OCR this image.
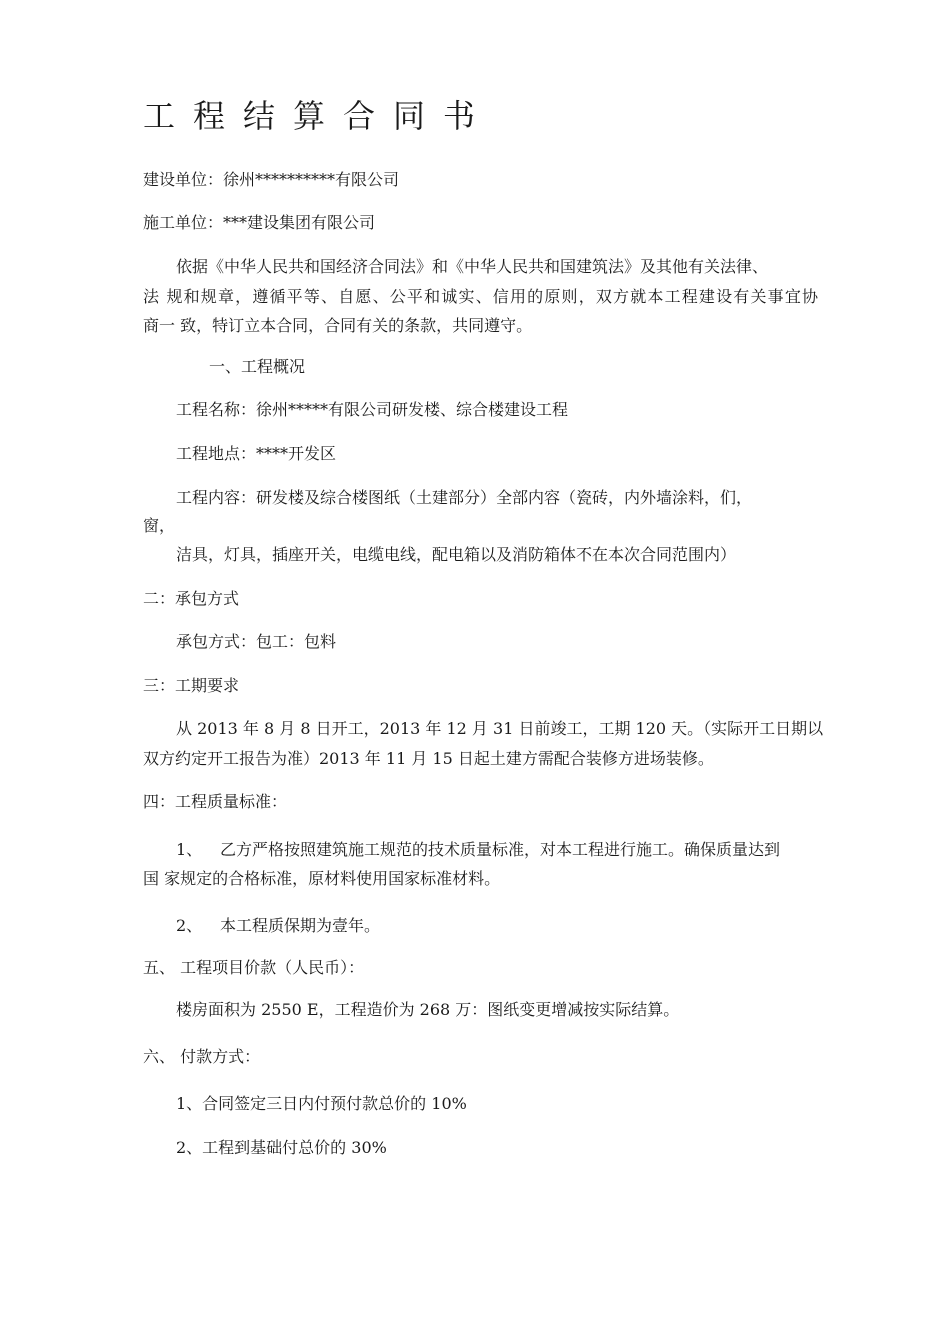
工程结算合同书
建设单位：徐州**********有限公司
施工单位：***建设集团有限公司
依据《中华人民共和国经济合同法》和《中华人民共和国建筑法》及其他有关法律、
法 规和规章，遵循平等、自愿、公平和诚实、信用的原则，双方就本工程建设有关事宜协
商一 致，特订立本合同，合同有关的条款，共同遵守。
一、工程概况
工程名称：徐州*****有限公司研发楼、综合楼建设工程
工程地点：****开发区
工程内容：研发楼及综合楼图纸（土建部分）全部内容（瓷砖，内外墙涂料，们，
窗，
洁具，灯具，插座开关，电缆电线，配电箱以及消防箱体不在本次合同范围内）
二：承包方式
承包方式：包工：包料
三：工期要求
从 2013 年 8 月 8 日开工，2013 年 12 月 31 日前竣工，工期 120 天。（实际开工日期以
双方约定开工报告为准）2013 年 11 月 15 日起土建方需配合装修方进场装修。
四：工程质量标准：
1、 乙方严格按照建筑施工规范的技术质量标准，对本工程进行施工。确保质量达到
国 家规定的合格标准，原材料使用国家标准材料。
2、 本工程质保期为壹年。
五、 工程项目价款（人民币）：
楼房面积为 2550 E，工程造价为 268 万：图纸变更增减按实际结算。
六、 付款方式：
1、合同签定三日内付预付款总价的 10%
2、工程到基础付总价的 30%
